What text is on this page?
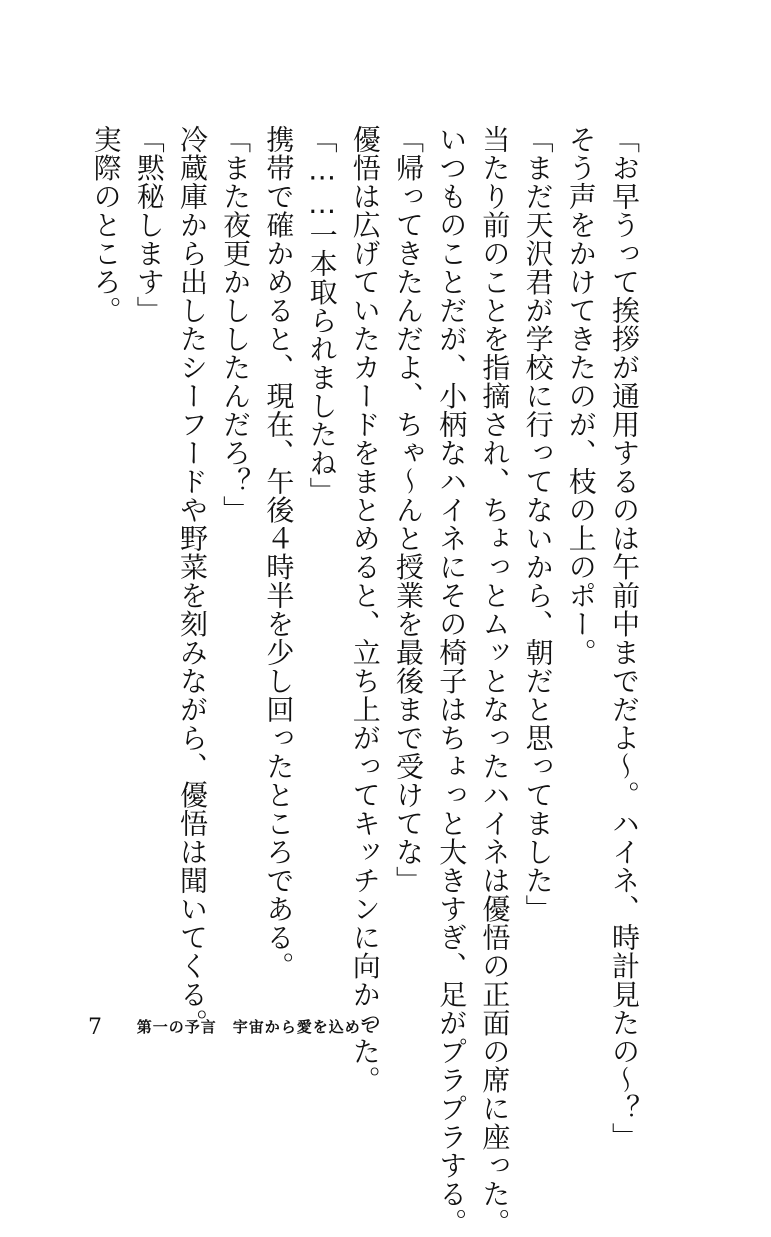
「お早うって挨拶が通用するのは午前中までだよ～。ハイネ、時計見たの～？」
そう声をかけてきたのが、枝の上のポー。
「まだ天沢君が学校に行ってないから、朝だと思ってました」
当たり前のことを指摘され、ちょっとムッとなったハイネは優悟の正面の席に座った。
いつものことだが、小柄なハイネにその椅子はちょっと大きすぎ、足がプラプラする。
「帰ってきたんだよ、ちゃ～んと授業を最後まで受けてな」
優悟は広げていたカードをまとめると、立ち上がってキッチンに向かった。
「……一本取られましたね」
携帯で確かめると、現在、午後４時半を少し回ったところである。
「また夜更かししたんだろ？」
冷蔵庫から出したシーフードや野菜を刻みながら、優悟は聞いてくる。
「黙秘します」
実際のところ。
7 第一の予言　宇宙から愛を込めて
